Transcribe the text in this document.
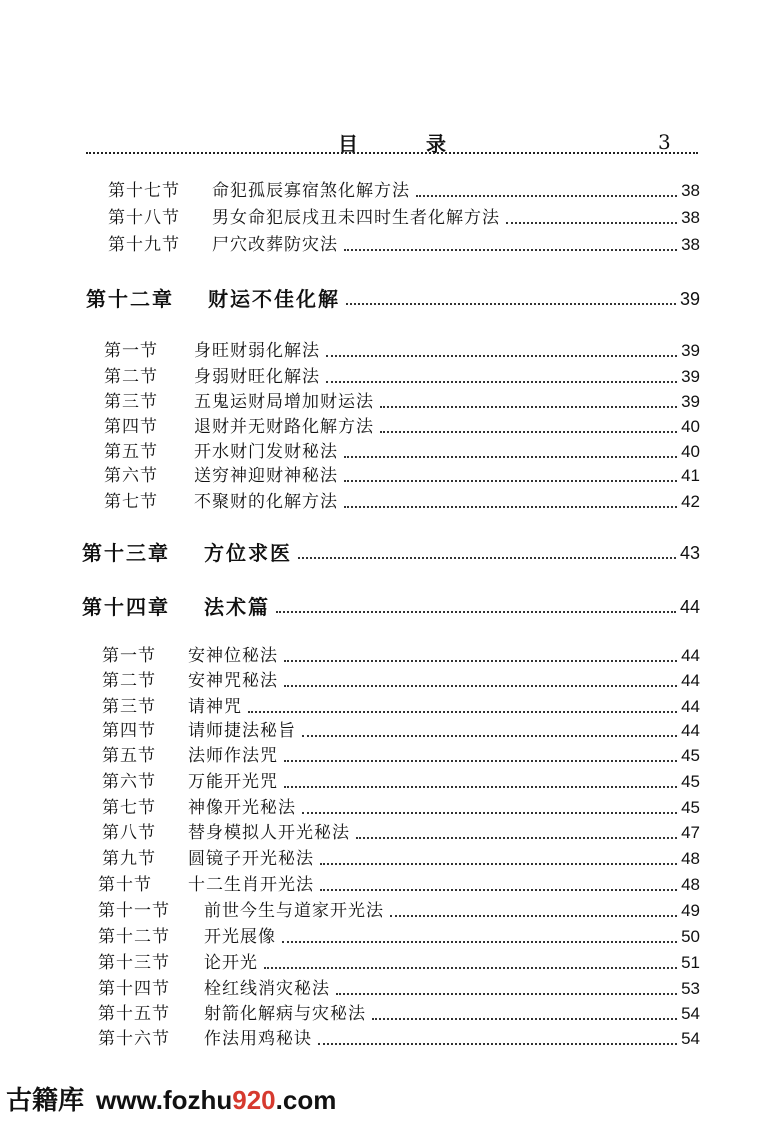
目	录	3
第十七节	命犯孤辰寡宿煞化解方法	38
第十八节	男女命犯辰戌丑未四时生者化解方法	38
第十九节	尸穴改葬防灾法	38
第十二章	财运不佳化解	39
第一节	身旺财弱化解法	39
第二节	身弱财旺化解法	39
第三节	五鬼运财局增加财运法	39
第四节	退财并无财路化解方法	40
第五节	开水财门发财秘法	40
第六节	送穷神迎财神秘法	41
第七节	不聚财的化解方法	42
第十三章	方位求医	43
第十四章	法术篇	44
第一节	安神位秘法	44
第二节	安神咒秘法	44
第三节	请神咒	44
第四节	请师捷法秘旨	44
第五节	法师作法咒	45
第六节	万能开光咒	45
第七节	神像开光秘法	45
第八节	替身模拟人开光秘法	47
第九节	圆镜子开光秘法	48
第十节	十二生肖开光法	48
第十一节	前世今生与道家开光法	49
第十二节	开光展像	50
第十三节	论开光	51
第十四节	栓红线消灾秘法	53
第十五节	射箭化解病与灾秘法	54
第十六节	作法用鸡秘诀	54
古籍库 www.fozhu920.com
